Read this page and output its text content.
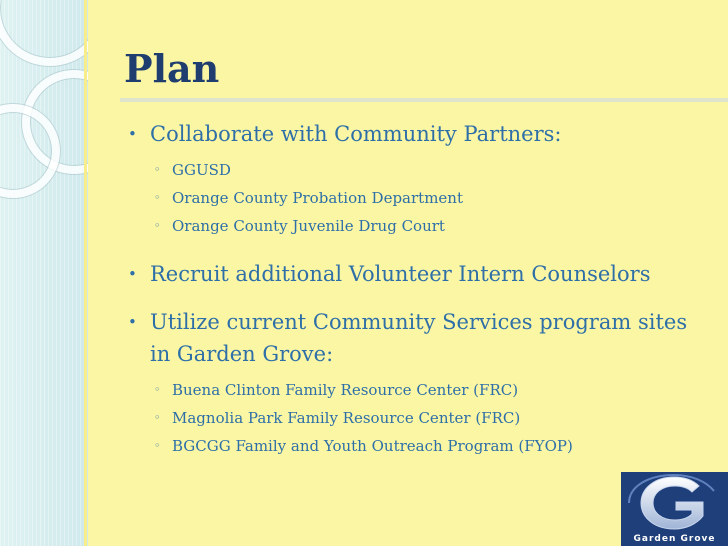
Plan
• Collaborate with Community Partners:
◦ GGUSD
◦ Orange County Probation Department
◦ Orange County Juvenile Drug Court
• Recruit additional Volunteer Intern Counselors
• Utilize current Community Services program sites in Garden Grove:
◦ Buena Clinton Family Resource Center (FRC)
◦ Magnolia Park Family Resource Center (FRC)
◦ BGCGG Family and Youth Outreach Program (FYOP)
Garden Grove
